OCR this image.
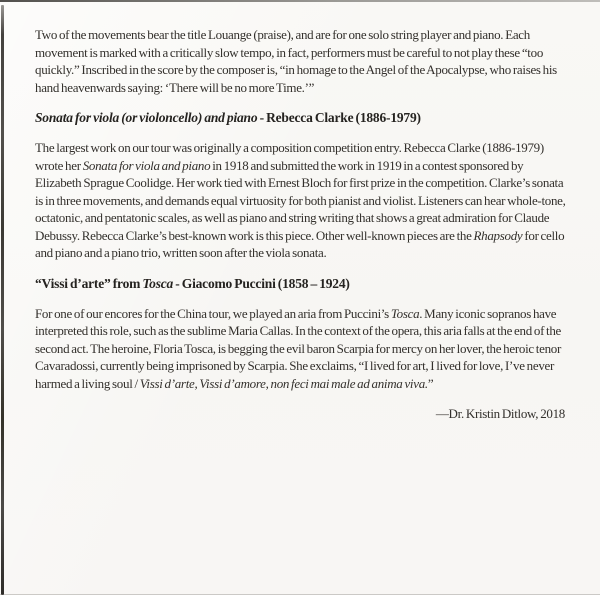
Two of the movements bear the title Louange (praise), and are for one solo string player and piano. Each movement is marked with a critically slow tempo, in fact, performers must be careful to not play these “too quickly.” Inscribed in the score by the composer is, “in homage to the Angel of the Apocalypse, who raises his hand heavenwards saying: ‘There will be no more Time.’”

Sonata for viola (or violoncello) and piano - Rebecca Clarke (1886-1979)

The largest work on our tour was originally a composition competition entry. Rebecca Clarke (1886-1979) wrote her Sonata for viola and piano in 1918 and submitted the work in 1919 in a contest sponsored by Elizabeth Sprague Coolidge. Her work tied with Ernest Bloch for first prize in the competition. Clarke’s sonata is in three movements, and demands equal virtuosity for both pianist and violist. Listeners can hear whole-tone, octatonic, and pentatonic scales, as well as piano and string writing that shows a great admiration for Claude Debussy. Rebecca Clarke’s best-known work is this piece. Other well-known pieces are the Rhapsody for cello and piano and a piano trio, written soon after the viola sonata.

“Vissi d’arte” from Tosca - Giacomo Puccini (1858 – 1924)

For one of our encores for the China tour, we played an aria from Puccini’s Tosca. Many iconic sopranos have interpreted this role, such as the sublime Maria Callas. In the context of the opera, this aria falls at the end of the second act. The heroine, Floria Tosca, is begging the evil baron Scarpia for mercy on her lover, the heroic tenor Cavaradossi, currently being imprisoned by Scarpia. She exclaims, “I lived for art, I lived for love, I’ve never harmed a living soul / Vissi d’arte, Vissi d’amore, non feci mai male ad anima viva.”

—Dr. Kristin Ditlow, 2018
